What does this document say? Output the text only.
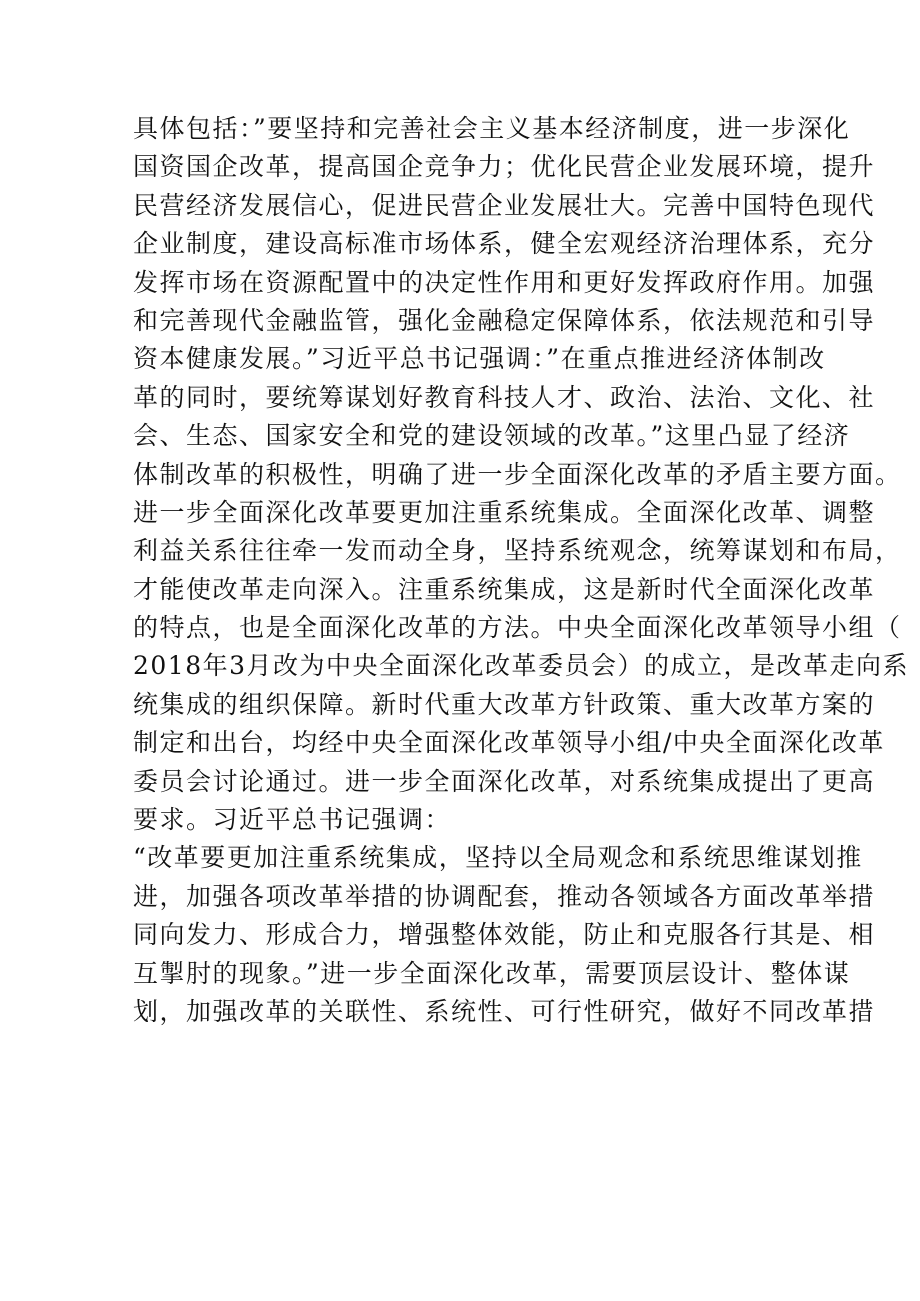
具体包括：”要坚持和完善社会主义基本经济制度，进一步深化
国资国企改革，提高国企竞争力；优化民营企业发展环境，提升
民营经济发展信心，促进民营企业发展壮大。完善中国特色现代
企业制度，建设高标准市场体系，健全宏观经济治理体系，充分
发挥市场在资源配置中的决定性作用和更好发挥政府作用。加强
和完善现代金融监管，强化金融稳定保障体系，依法规范和引导
资本健康发展。”习近平总书记强调：”在重点推进经济体制改
革的同时，要统筹谋划好教育科技人才、政治、法治、文化、社
会、生态、国家安全和党的建设领域的改革。”这里凸显了经济
体制改革的积极性，明确了进一步全面深化改革的矛盾主要方面。
进一步全面深化改革要更加注重系统集成。全面深化改革、调整
利益关系往往牵一发而动全身，坚持系统观念，统筹谋划和布局，
才能使改革走向深入。注重系统集成，这是新时代全面深化改革
的特点，也是全面深化改革的方法。中央全面深化改革领导小组（
2018年3月改为中央全面深化改革委员会）的成立，是改革走向系
统集成的组织保障。新时代重大改革方针政策、重大改革方案的
制定和出台，均经中央全面深化改革领导小组/中央全面深化改革
委员会讨论通过。进一步全面深化改革，对系统集成提出了更高
要求。习近平总书记强调：
“改革要更加注重系统集成，坚持以全局观念和系统思维谋划推
进，加强各项改革举措的协调配套，推动各领域各方面改革举措
同向发力、形成合力，增强整体效能，防止和克服各行其是、相
互掣肘的现象。”进一步全面深化改革，需要顶层设计、整体谋
划，加强改革的关联性、系统性、可行性研究，做好不同改革措
